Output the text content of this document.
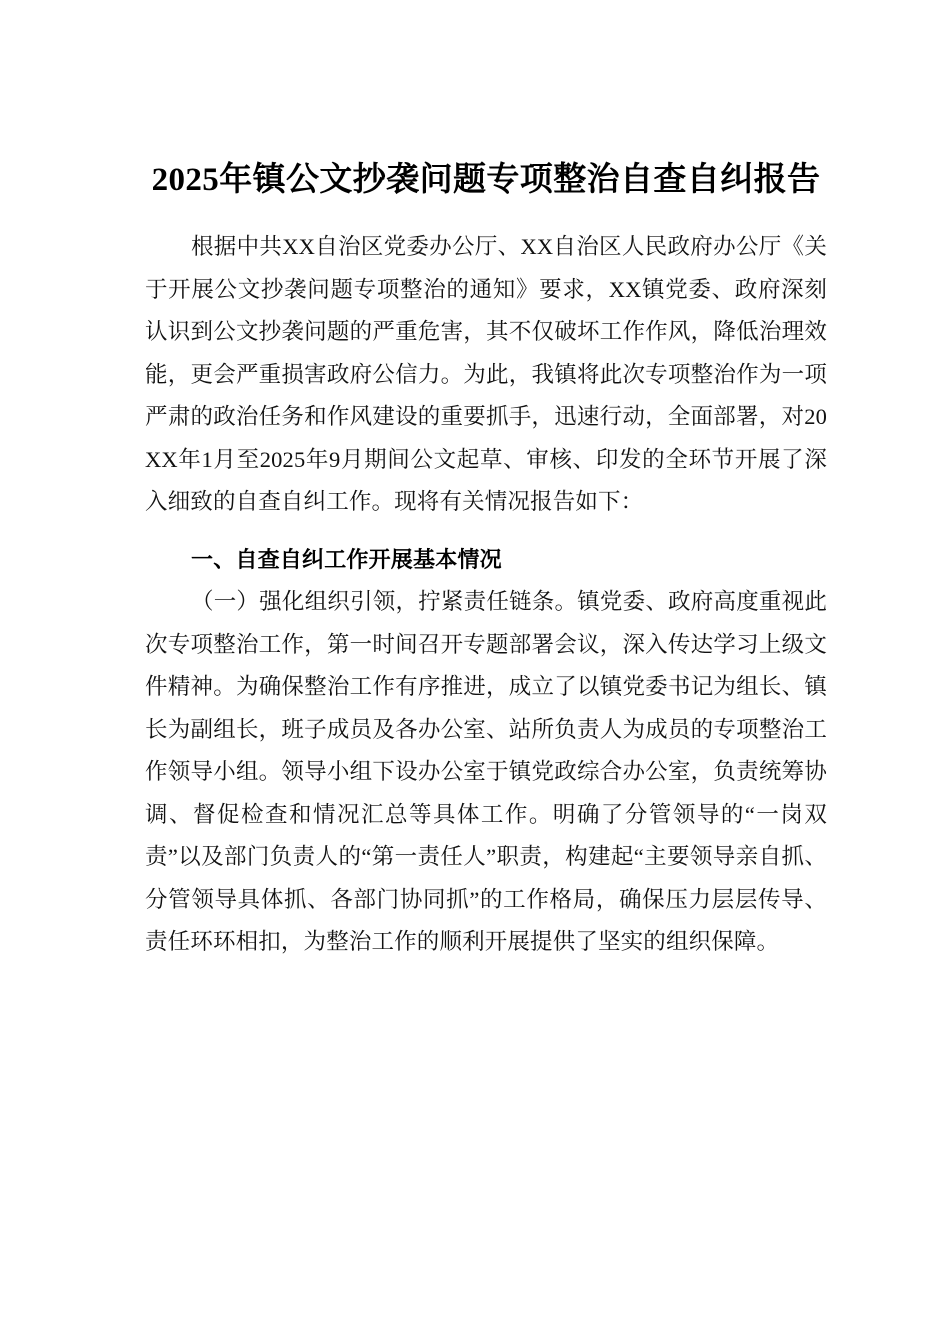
2025年镇公文抄袭问题专项整治自查自纠报告

根据中共XX自治区党委办公厅、XX自治区人民政府办公厅《关于开展公文抄袭问题专项整治的通知》要求，XX镇党委、政府深刻认识到公文抄袭问题的严重危害，其不仅破坏工作作风，降低治理效能，更会严重损害政府公信力。为此，我镇将此次专项整治作为一项严肃的政治任务和作风建设的重要抓手，迅速行动，全面部署，对20XX年1月至2025年9月期间公文起草、审核、印发的全环节开展了深入细致的自查自纠工作。现将有关情况报告如下：

一、自查自纠工作开展基本情况

（一）强化组织引领，拧紧责任链条。镇党委、政府高度重视此次专项整治工作，第一时间召开专题部署会议，深入传达学习上级文件精神。为确保整治工作有序推进，成立了以镇党委书记为组长、镇长为副组长，班子成员及各办公室、站所负责人为成员的专项整治工作领导小组。领导小组下设办公室于镇党政综合办公室，负责统筹协调、督促检查和情况汇总等具体工作。明确了分管领导的“一岗双责”以及部门负责人的“第一责任人”职责，构建起“主要领导亲自抓、分管领导具体抓、各部门协同抓”的工作格局，确保压力层层传导、责任环环相扣，为整治工作的顺利开展提供了坚实的组织保障。
